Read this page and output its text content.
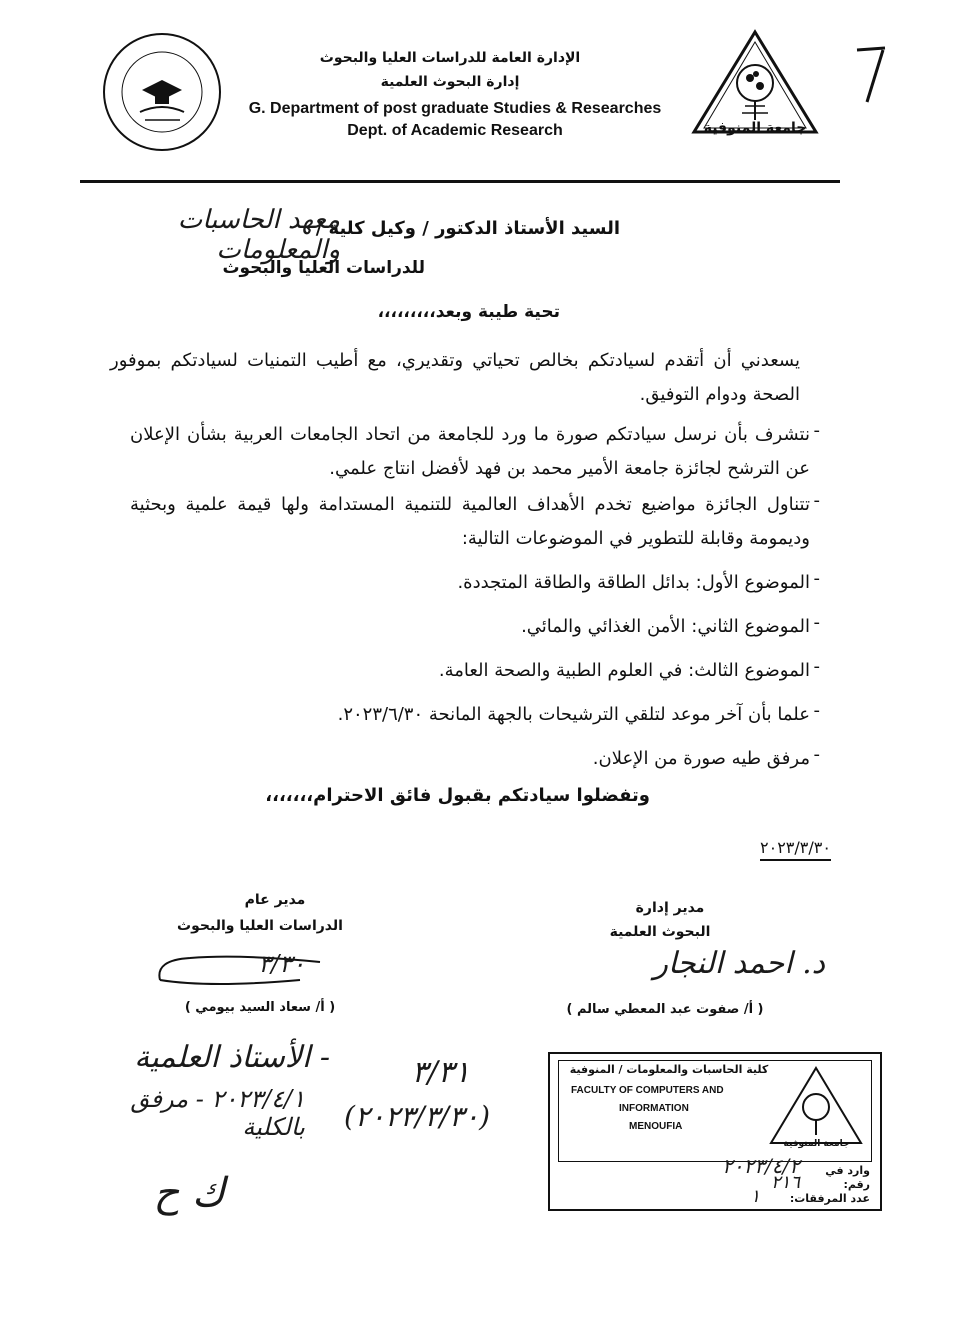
الإدارة العامة للدراسات العليا والبحوث
إدارة البحوث العلمية
G. Department of post graduate Studies & Researches
Dept. of Academic Research	جامعة المنوفية
السيد الأستاذ الدكتور / وكيل كلية /
معهد الحاسبات والمعلومات
للدراسات العليا والبحوث
تحية طيبة وبعد،،،،،،،،،
يسعدني أن أتقدم لسيادتكم بخالص تحياتي وتقديري، مع أطيب التمنيات لسيادتكم بموفور الصحة ودوام التوفيق.
-
نتشرف بأن نرسل سيادتكم صورة ما ورد للجامعة من اتحاد الجامعات العربية بشأن الإعلان عن الترشح لجائزة جامعة الأمير محمد بن فهد لأفضل انتاج علمي.
-
تتناول الجائزة مواضيع تخدم الأهداف العالمية للتنمية المستدامة ولها قيمة علمية وبحثية وديمومة وقابلة للتطوير في الموضوعات التالية:
-
الموضوع الأول: بدائل الطاقة والطاقة المتجددة.
-
الموضوع الثاني: الأمن الغذائي والمائي.
-
الموضوع الثالث: في العلوم الطبية والصحة العامة.
-
علما بأن آخر موعد لتلقي الترشيحات بالجهة المانحة ٢٠٢٣/٦/٣٠.
-
مرفق طيه صورة من الإعلان.
وتفضلوا سيادتكم بقبول فائق الاحترام،،،،،،،
٢٠٢٣/٣/٣٠
مدير إدارة
البحوث العلمية
د. احمد النجار
( أ/ صفوت عبد المعطي سالم )
مدير عام
الدراسات العليا والبحوث
٣/٣٠
( أ/ سعاد السيد بيومي )
- الأستاذ العلمية
٢٠٢٣/٤/١ - مرفق بالكلية
٣/٣١
(٢٠٢٣/٣/٣٠)
ك ح
كلية الحاسبات والمعلومات / المنوفية
FACULTY OF COMPUTERS AND
INFORMATION
MENOUFIA
جامعة المنوفية
وارد في
٢٠٢٣/٤/٢
رقم:
٢١٦
عدد المرفقات:
١
